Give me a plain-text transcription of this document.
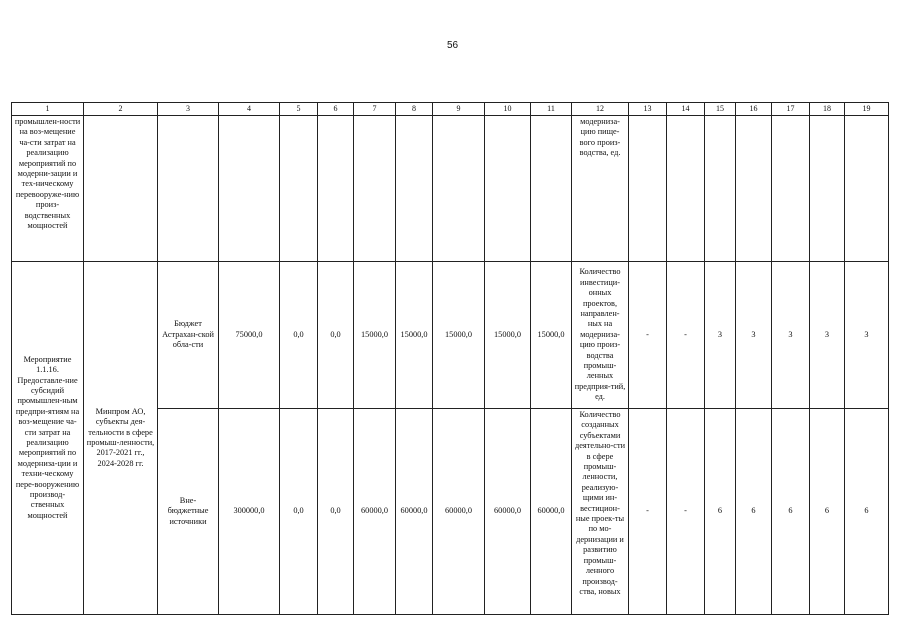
56
1	2	3	4	5	6	7	8	9	10	11	12	13	14	15	16	17	18	19
промышлен-ности на воз-мещение ча-сти затрат на реализацию мероприятий по модерни-зации и тех-ническому перевооруже-нию произ-водственных мощностей											модерниза-цию пище-вого произ-водства, ед.							
Мероприятие 1.1.16. Предоставле-ние субсидий промышлен-ным предпри-ятиям на воз-мещение ча-сти затрат на реализацию мероприятий по модерниза-ции и техни-ческому пере-вооружению производ-ственных мощностей	Минпром АО, субъекты дея-тельности в сфере промыш-ленности, 2017-2021 гг., 2024-2028 гг.	Бюджет Астрахан-ской обла-сти	75000,0	0,0	0,0	15000,0	15000,0	15000,0	15000,0	15000,0	Количество инвестици-онных проектов, направлен-ных на модерниза-цию произ-водства промыш-ленных предприя-тий, ед.	-	-	3	3	3	3	3
		Вне-бюджетные источники	300000,0	0,0	0,0	60000,0	60000,0	60000,0	60000,0	60000,0	Количество созданных субъектами деятельно-сти в сфере промыш-ленности, реализую-щими ин-вестицион-ные проек-ты по мо-дернизации и развитию промыш-ленного производ-ства, новых	-	-	6	6	6	6	6
